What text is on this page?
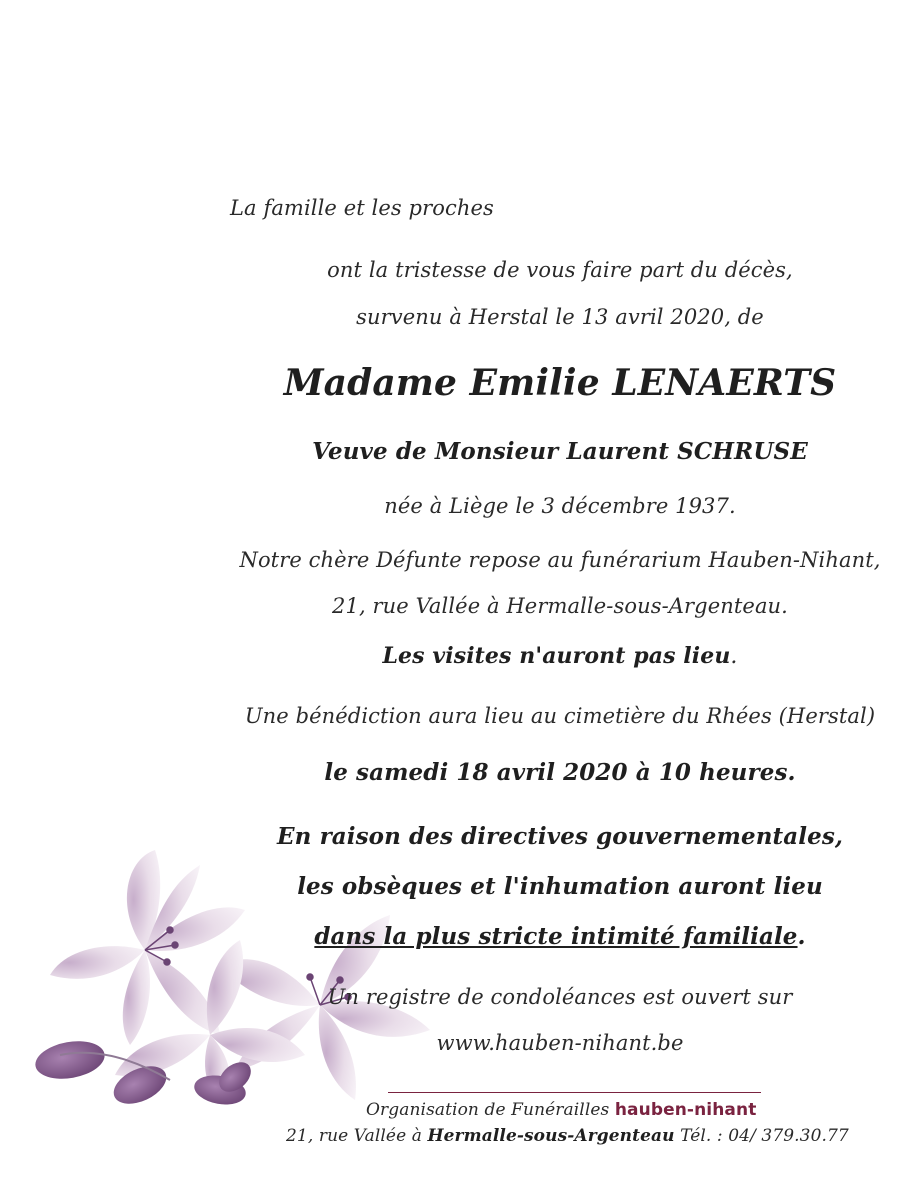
La famille et les proches
ont la tristesse de vous faire part du décès,
survenu à Herstal le 13 avril 2020, de
Madame Emilie LENAERTS
Veuve de Monsieur Laurent SCHRUSE
née à Liège le 3 décembre 1937.
Notre chère Défunte repose au funérarium Hauben-Nihant,
21, rue Vallée à Hermalle-sous-Argenteau.
Les visites n'auront pas lieu.
Une bénédiction aura lieu au cimetière du Rhées (Herstal)
le samedi 18 avril 2020 à 10 heures.
En raison des directives gouvernementales,
les obsèques et l'inhumation auront lieu
dans la plus stricte intimité familiale.
Un registre de condoléances est ouvert sur
www.hauben-nihant.be
Organisation de Funérailles hauben-nihant
21, rue Vallée à Hermalle-sous-Argenteau Tél. : 04/ 379.30.77
